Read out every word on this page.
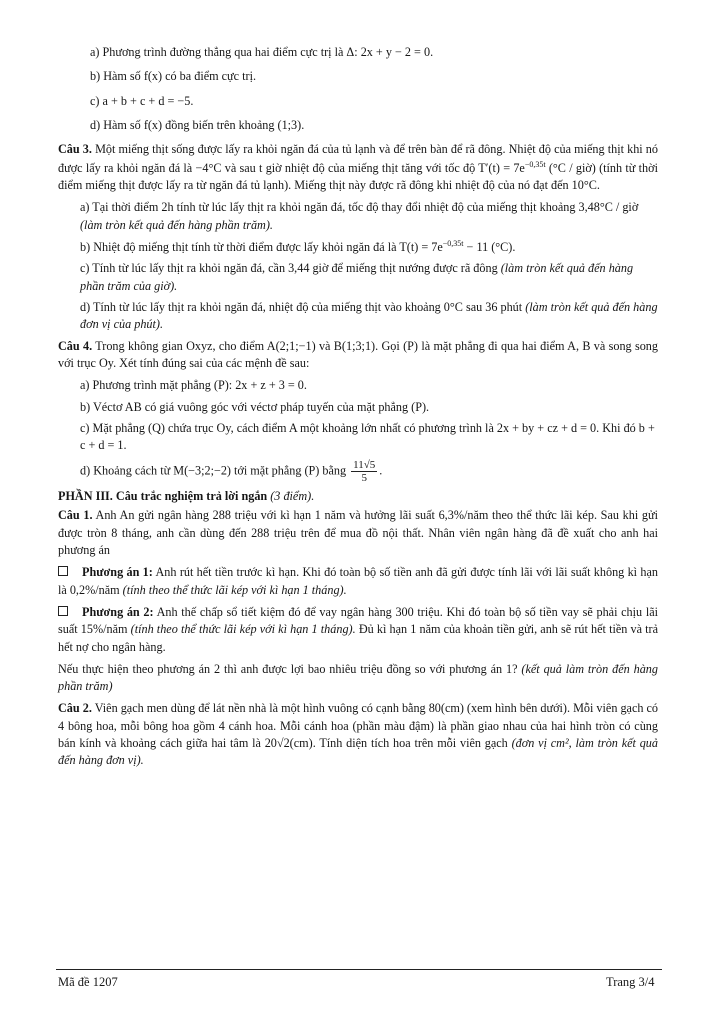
a) Phương trình đường thẳng qua hai điểm cực trị là Δ: 2x + y − 2 = 0.
b) Hàm số f(x) có ba điểm cực trị.
c) a + b + c + d = −5.
d) Hàm số f(x) đồng biến trên khoảng (1;3).
Câu 3. Một miếng thịt sống được lấy ra khỏi ngăn đá của tủ lạnh và để trên bàn để rã đông. Nhiệt độ của miếng thịt khi nó được lấy ra khỏi ngăn đá là −4°C và sau t giờ nhiệt độ của miếng thịt tăng với tốc độ $T'(t) = 7e^{-0,35t}$ (°C / giờ) (tính từ thời điểm miếng thịt được lấy ra từ ngăn đá tủ lạnh). Miếng thịt này được rã đông khi nhiệt độ của nó đạt đến 10°C.
a) Tại thời điểm 2h tính từ lúc lấy thịt ra khỏi ngăn đá, tốc độ thay đổi nhiệt độ của miếng thịt khoảng 3,48°C / giờ (làm tròn kết quả đến hàng phần trăm).
b) Nhiệt độ miếng thịt tính từ thời điểm được lấy khỏi ngăn đá là $T(t) = 7e^{-0,35t} - 11$ (°C).
c) Tính từ lúc lấy thịt ra khỏi ngăn đá, cần 3,44 giờ để miếng thịt nướng được rã đông (làm tròn kết quả đến hàng phần trăm của giờ).
d) Tính từ lúc lấy thịt ra khỏi ngăn đá, nhiệt độ của miếng thịt vào khoảng 0°C sau 36 phút (làm tròn kết quả đến hàng đơn vị của phút).
Câu 4. Trong không gian Oxyz, cho điểm A(2;1;−1) và B(1;3;1). Gọi (P) là mặt phẳng đi qua hai điểm A, B và song song với trục Oy. Xét tính đúng sai của các mệnh đề sau:
a) Phương trình mặt phẳng (P): 2x + z + 3 = 0.
b) Véctơ AB có giá vuông góc với véctơ pháp tuyến của mặt phẳng (P).
c) Mặt phẳng (Q) chứa trục Oy, cách điểm A một khoảng lớn nhất có phương trình là 2x + by + cz + d = 0. Khi đó b + c + d = 1.
d) Khoảng cách từ M(−3;2;−2) tới mặt phẳng (P) bằng $\frac{11√5}{5}$ .
PHẦN III. Câu trắc nghiệm trả lời ngắn (3 điểm).
Câu 1. Anh An gửi ngân hàng 288 triệu với kì hạn 1 năm và hưởng lãi suất 6,3%/năm theo thể thức lãi kép. Sau khi gửi được tròn 8 tháng, anh cần dùng đến 288 triệu trên để mua đồ nội thất. Nhân viên ngân hàng đã đề xuất cho anh hai phương án
Phương án 1: Anh rút hết tiền trước kì hạn. Khi đó toàn bộ số tiền anh đã gửi được tính lãi với lãi suất không kì hạn là 0,2%/năm (tính theo thể thức lãi kép với kì hạn 1 tháng).
Phương án 2: Anh thế chấp sổ tiết kiệm đó để vay ngân hàng 300 triệu. Khi đó toàn bộ số tiền vay sẽ phải chịu lãi suất 15%/năm (tính theo thể thức lãi kép với kì hạn 1 tháng). Đủ kì hạn 1 năm của khoản tiền gửi, anh sẽ rút hết tiền và trả hết nợ cho ngân hàng.
Nếu thực hiện theo phương án 2 thì anh được lợi bao nhiêu triệu đồng so với phương án 1? (kết quả làm tròn đến hàng phần trăm)
Câu 2. Viên gạch men dùng để lát nền nhà là một hình vuông có cạnh bằng 80(cm) (xem hình bên dưới). Mỗi viên gạch có 4 bông hoa, mỗi bông hoa gồm 4 cánh hoa. Mỗi cánh hoa (phần màu đậm) là phần giao nhau của hai hình tròn có cùng bán kính và khoảng cách giữa hai tâm là 20√2(cm). Tính diện tích hoa trên mỗi viên gạch (đơn vị cm², làm tròn kết quả đến hàng đơn vị).
Mã đề 1207	Trang 3/4
